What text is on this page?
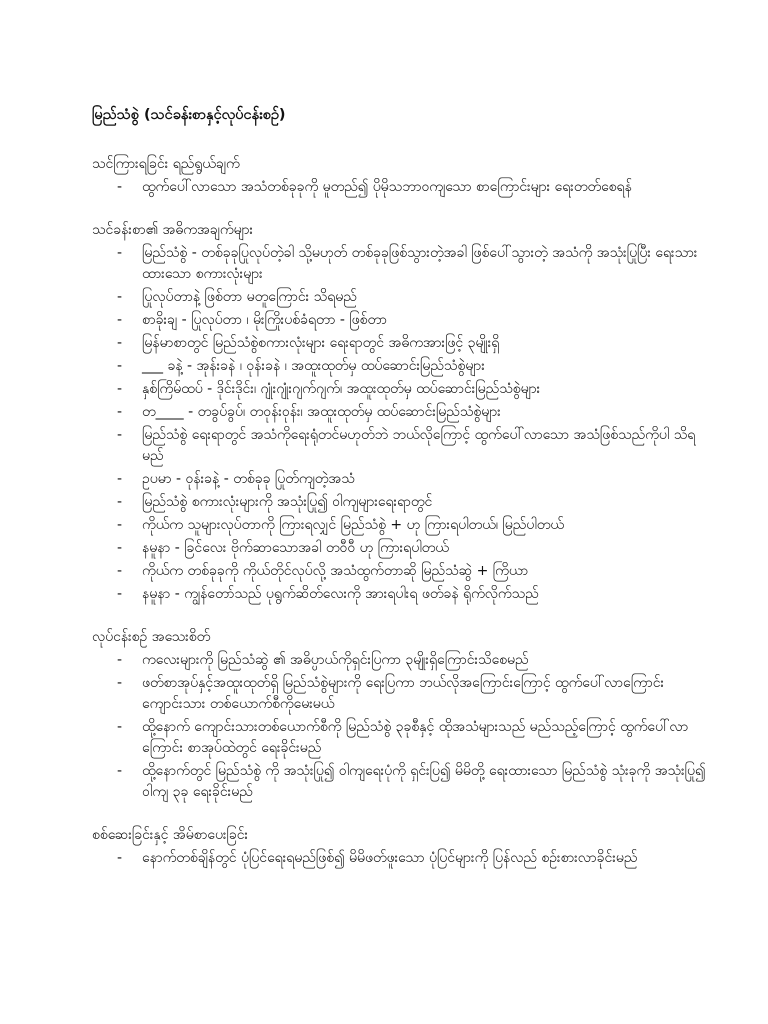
မြည်သံစွဲ (သင်ခန်းစာနှင့်လုပ်ငန်းစဉ်)
သင်ကြားရခြင်း ရည်ရွယ်ချက်
- ထွက်ပေါ်လာသော အသံတစ်ခုခုကို မူတည်၍ ပိုမိုသဘာဝကျသော စာကြောင်းများ ရေးတတ်စေရန်
သင်ခန်းစာ၏ အဓိကအချက်များ
- မြည်သံစွဲ - တစ်ခုခုပြုလုပ်တဲ့ခါ သို့မဟုတ် တစ်ခုခုဖြစ်သွားတဲ့အခါ ဖြစ်ပေါ်သွားတဲ့ အသံကို အသုံးပြုပြီး ရေးသားထားသော စကားလုံးများ
- ပြုလုပ်တာနဲ့ ဖြစ်တာ မတူကြောင်း သိရမည်
- စာခိုးချ - ပြုလုပ်တာ ၊ မိုးကြိုးပစ်ခံရတာ - ဖြစ်တာ
- မြန်မာစာတွင် မြည်သံစွဲစကားလုံးများ ရေးရာတွင် အဓိကအားဖြင့် ၃မျိုးရှိ
- ___ ခနဲ့ - အုန်းခနဲ ၊ ဝုန်းခနဲ ၊ အထူးထုတ်မှ ထပ်ဆောင်းမြည်သံစွဲများ
- နှစ်ကြိမ်ထပ် - ဒိုင်းဒိုင်း၊ ဂျုံးဂျုံးဂျက်ဂျက်၊ အထူးထုတ်မှ ထပ်ဆောင်းမြည်သံစွဲများ
- တ____ - တခွပ်ခွပ်၊ တဝုန်းဝုန်း၊ အထူးထုတ်မှ ထပ်ဆောင်းမြည်သံစွဲများ
- မြည်သံစွဲ ရေးရာတွင် အသံကိုရေးရုံတင်မဟုတ်ဘဲ ဘယ်လိုကြောင့် ထွက်ပေါ်လာသော အသံဖြစ်သည်ကိုပါ သိရမည်
- ဥပမာ - ဝုန်းခနဲ့ - တစ်ခုခု ပြုတ်ကျတဲ့အသံ
- မြည်သံစွဲ စကားလုံးများကို အသုံးပြု၍ ဝါကျများရေးရာတွင်
- ကိုယ်က သူများလုပ်တာကို ကြားရလျှင် မြည်သံစွဲ + ဟု ကြားရပါတယ်၊ မြည်ပါတယ်
- နမူနာ - ခြင်လေး ဗိုက်ဆာသောအခါ တဝီဝီ ဟု ကြားရပါတယ်
- ကိုယ်က တစ်ခုခုကို ကိုယ်တိုင်လုပ်လို့ အသံထွက်တာဆို မြည်သံဆွဲ + ကြိယာ
- နမူနာ - ကျွန်တော်သည် ပုရွက်ဆိတ်လေးကို အားရပါးရ ဖတ်ခနဲ ရိုက်လိုက်သည်
လုပ်ငန်းစဉ် အသေးစိတ်
- ကလေးများကို မြည်သံဆွဲ ၏ အဓိပ္ပာယ်ကိုရှင်းပြကာ ၃မျိုးရှိကြောင်းသိစေမည်
- ဖတ်စာအုပ်နှင့်အထူးထုတ်ရှိ မြည်သံစွဲများကို ရေးပြကာ ဘယ်လိုအကြောင်းကြောင့် ထွက်ပေါ်လာကြောင်း ကျောင်းသား တစ်ယောက်စီကိုမေးမယ်
- ထို့နောက် ကျောင်းသားတစ်ယောက်စီကို မြည်သံစွဲ ၃ခုစီနှင့် ထိုအသံများသည် မည်သည့်ကြောင့် ထွက်ပေါ်လာကြောင်း စာအုပ်ထဲတွင် ရေးခိုင်းမည်
- ထို့နောက်တွင် မြည်သံစွဲ ကို အသုံးပြု၍ ဝါကျရေးပုံကို ရှင်းပြ၍ မိမိတို့ ရေးထားသော မြည်သံစွဲ သုံးခုကို အသုံးပြု၍ ဝါကျ ၃ခု ရေးခိုင်းမည်
စစ်ဆေးခြင်းနှင့် အိမ်စာပေးခြင်း
- နောက်တစ်ချိန်တွင် ပုံပြင်ရေးရမည်ဖြစ်၍ မိမိဖတ်ဖူးသော ပုံပြင်များကို ပြန်လည် စဉ်းစားလာခိုင်းမည်
